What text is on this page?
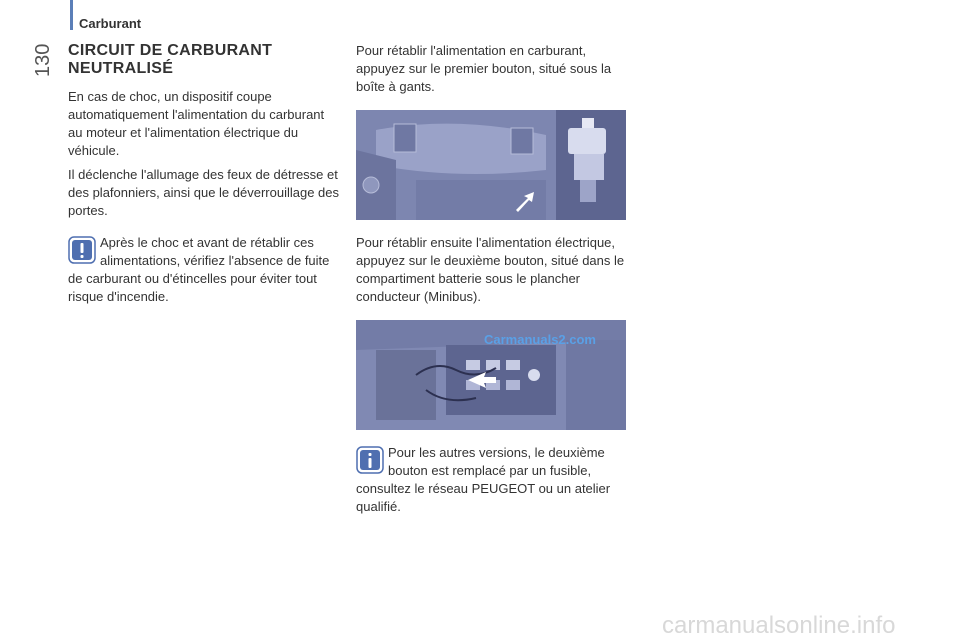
Carburant
130 CIRCUIT DE CARBURANT NEUTRALISÉ

En cas de choc, un dispositif coupe automatiquement l'alimentation du carburant au moteur et l'alimentation électrique du véhicule.

Il déclenche l'allumage des feux de détresse et des plafonniers, ainsi que le déverrouillage des portes.

Après le choc et avant de rétablir ces alimentations, vérifiez l'absence de fuite de carburant ou d'étincelles pour éviter tout risque d'incendie.

Pour rétablir l'alimentation en carburant, appuyez sur le premier bouton, situé sous la boîte à gants.

Pour rétablir ensuite l'alimentation électrique, appuyez sur le deuxième bouton, situé dans le compartiment batterie sous le plancher conducteur (Minibus).

Carmanuals2.com

Pour les autres versions, le deuxième bouton est remplacé par un fusible, consultez le réseau PEUGEOT ou un atelier qualifié.

carmanualsonline.info
